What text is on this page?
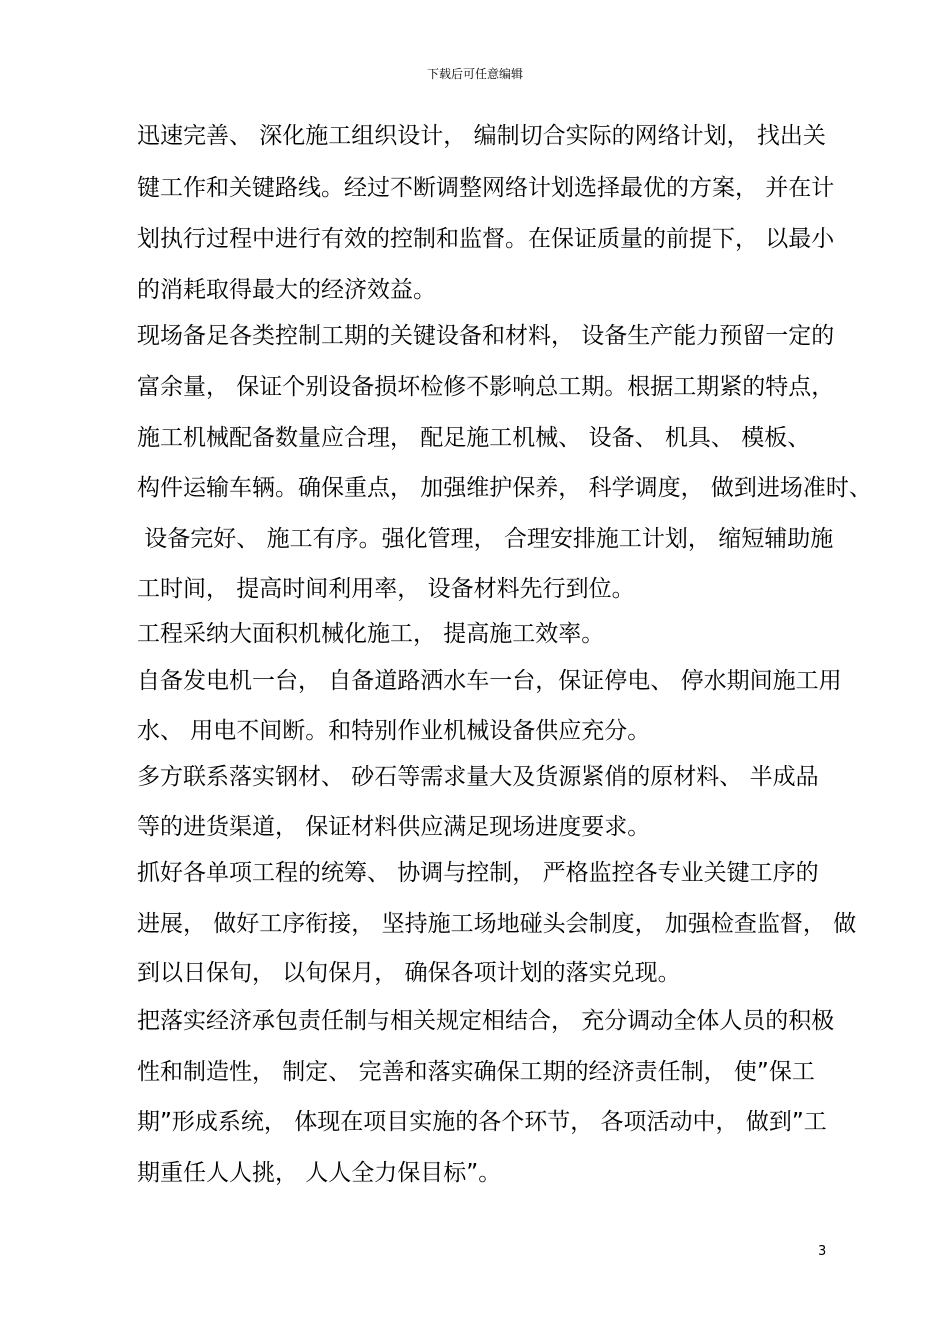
下载后可任意编辑
迅速完善、 深化施工组织设计， 编制切合实际的网络计划， 找出关
键工作和关键路线。经过不断调整网络计划选择最优的方案， 并在计
划执行过程中进行有效的控制和监督。在保证质量的前提下， 以最小
的消耗取得最大的经济效益。
现场备足各类控制工期的关键设备和材料， 设备生产能力预留一定的
富余量， 保证个别设备损坏检修不影响总工期。根据工期紧的特点，
施工机械配备数量应合理， 配足施工机械、 设备、 机具、 模板、
构件运输车辆。确保重点， 加强维护保养， 科学调度， 做到进场准时、
设备完好、 施工有序。强化管理， 合理安排施工计划， 缩短辅助施
工时间， 提高时间利用率， 设备材料先行到位。
工程采纳大面积机械化施工， 提高施工效率。
自备发电机一台， 自备道路洒水车一台，保证停电、 停水期间施工用
水、 用电不间断。和特别作业机械设备供应充分。
多方联系落实钢材、 砂石等需求量大及货源紧俏的原材料、 半成品
等的进货渠道， 保证材料供应满足现场进度要求。
抓好各单项工程的统筹、 协调与控制， 严格监控各专业关键工序的
进展， 做好工序衔接， 坚持施工场地碰头会制度， 加强检查监督， 做
到以日保旬， 以旬保月， 确保各项计划的落实兑现。
把落实经济承包责任制与相关规定相结合， 充分调动全体人员的积极
性和制造性， 制定、 完善和落实确保工期的经济责任制， 使”保工
期”形成系统， 体现在项目实施的各个环节， 各项活动中， 做到”工
期重任人人挑， 人人全力保目标”。
3
